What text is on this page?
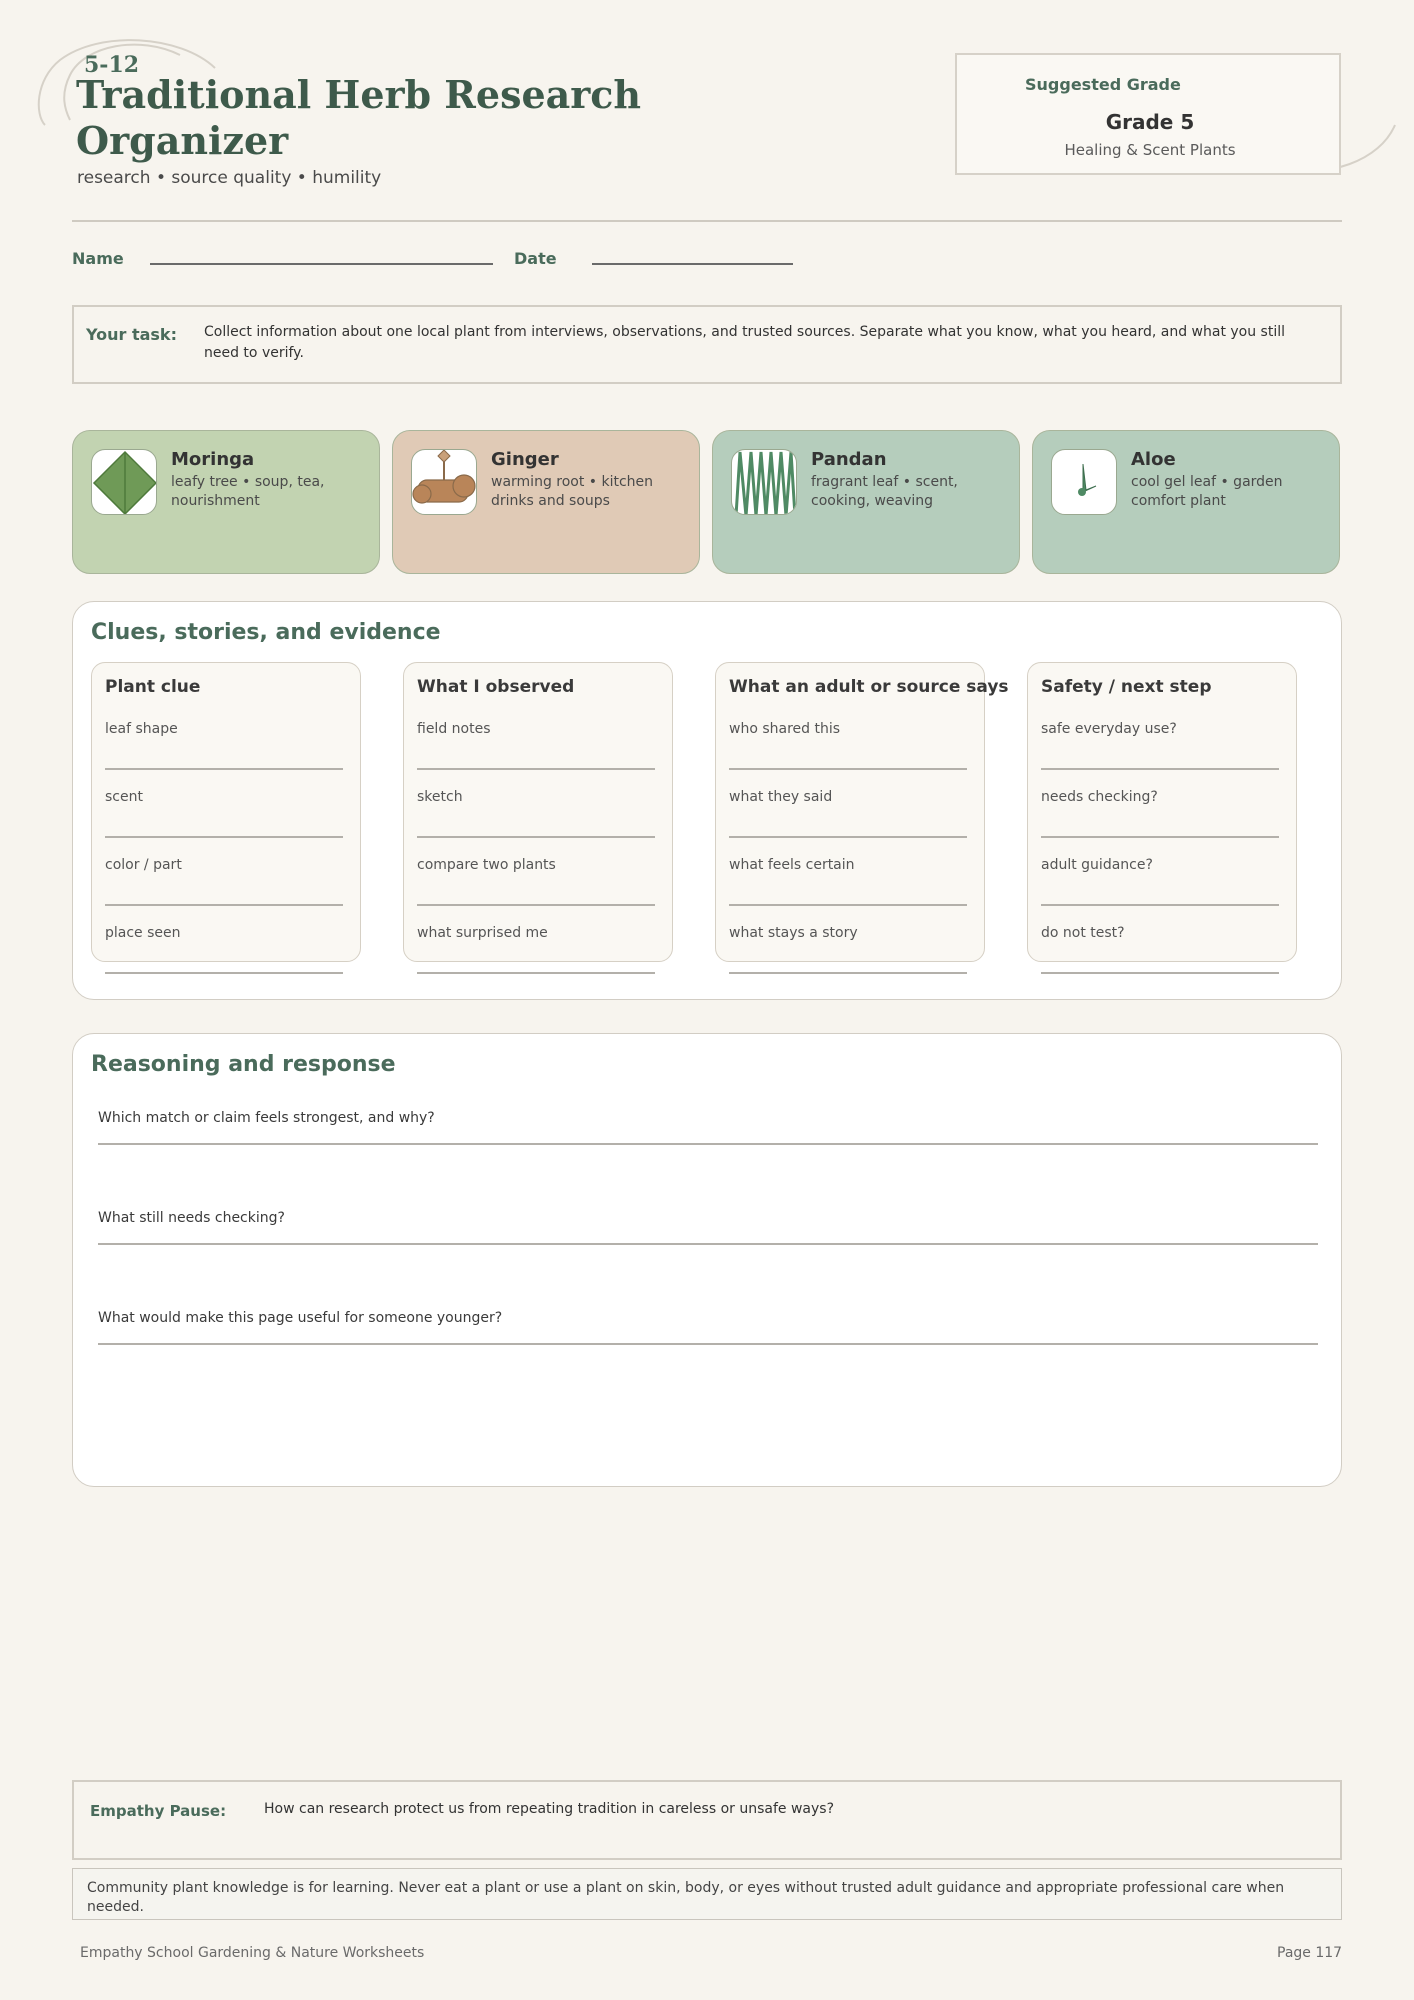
5-12
Traditional Herb Research Organizer
research • source quality • humility
Suggested Grade
Grade 5
Healing & Scent Plants
Name	Date
Your task: Collect information about one local plant from interviews, observations, and trusted sources. Separate what you know, what you heard, and what you still need to verify.
Moringa
leafy tree • soup, tea, nourishment
Ginger
warming root • kitchen drinks and soups
Pandan
fragrant leaf • scent, cooking, weaving
Aloe
cool gel leaf • garden comfort plant
Clues, stories, and evidence
Plant clue
leaf shape
scent
color / part
place seen
What I observed
field notes
sketch
compare two plants
what surprised me
What an adult or source says
who shared this
what they said
what feels certain
what stays a story
Safety / next step
safe everyday use?
needs checking?
adult guidance?
do not test?
Reasoning and response
Which match or claim feels strongest, and why?
What still needs checking?
What would make this page useful for someone younger?
Empathy Pause:	How can research protect us from repeating tradition in careless or unsafe ways?
Community plant knowledge is for learning. Never eat a plant or use a plant on skin, body, or eyes without trusted adult guidance and appropriate professional care when needed.
Empathy School Gardening & Nature Worksheets	Page 117
